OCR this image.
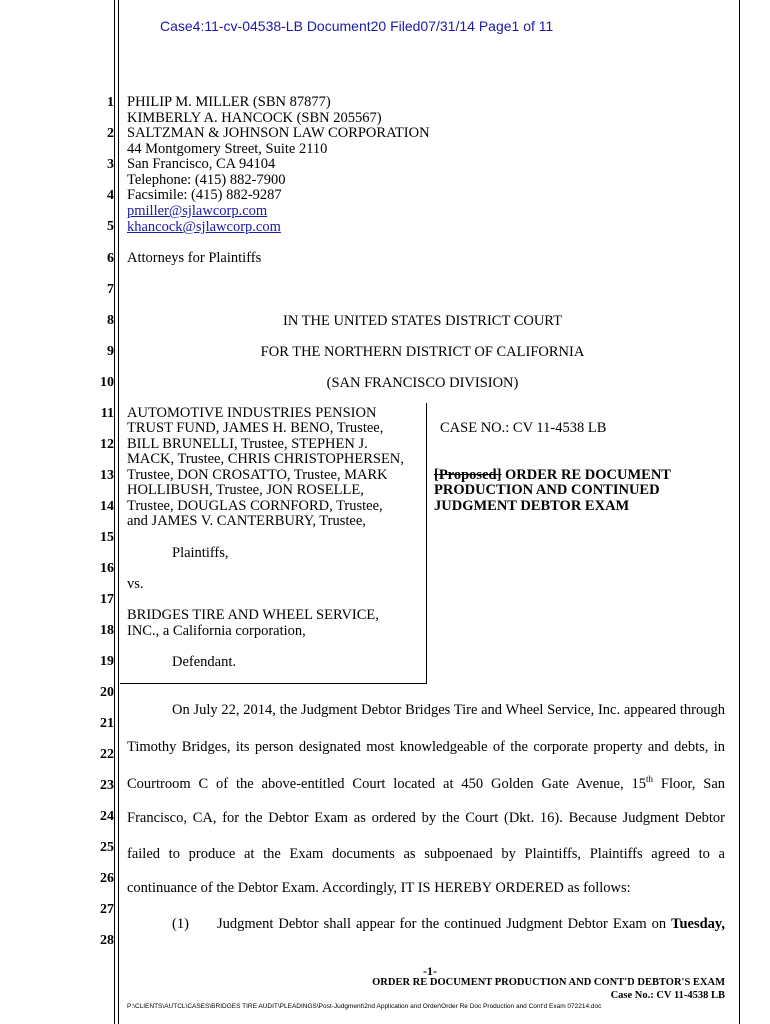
Case4:11-cv-04538-LB Document20 Filed07/31/14 Page1 of 11
1
2
3
4
5
6
7
8
9
10
11
12
13
14
15
16
17
18
19
20
21
22
23
24
25
26
27
28
PHILIP M. MILLER (SBN 87877)
KIMBERLY A. HANCOCK (SBN 205567)
SALTZMAN & JOHNSON LAW CORPORATION
44 Montgomery Street, Suite 2110
San Francisco, CA 94104
Telephone: (415) 882-7900
Facsimile: (415) 882-9287
pmiller@sjlawcorp.com
khancock@sjlawcorp.com
Attorneys for Plaintiffs
IN THE UNITED STATES DISTRICT COURT
FOR THE NORTHERN DISTRICT OF CALIFORNIA
(SAN FRANCISCO DIVISION)
AUTOMOTIVE INDUSTRIES PENSION
TRUST FUND, JAMES H. BENO, Trustee,
BILL BRUNELLI, Trustee, STEPHEN J.
MACK, Trustee, CHRIS CHRISTOPHERSEN,
Trustee, DON CROSATTO, Trustee, MARK
HOLLIBUSH, Trustee, JON ROSELLE,
Trustee, DOUGLAS CORNFORD, Trustee,
and JAMES V. CANTERBURY, Trustee,
Plaintiffs,
vs.
BRIDGES TIRE AND WHEEL SERVICE,
INC., a California corporation,
Defendant.
CASE NO.: CV 11-4538 LB
[Proposed] ORDER RE DOCUMENT
PRODUCTION AND CONTINUED
JUDGMENT DEBTOR EXAM
On July 22, 2014, the Judgment Debtor Bridges Tire and Wheel Service, Inc. appeared through
Timothy Bridges, its person designated most knowledgeable of the corporate property and debts, in
Courtroom C of the above-entitled Court located at 450 Golden Gate Avenue, 15th Floor, San
Francisco, CA, for the Debtor Exam as ordered by the Court (Dkt. 16). Because Judgment Debtor
failed to produce at the Exam documents as subpoenaed by Plaintiffs, Plaintiffs agreed to a
continuance of the Debtor Exam. Accordingly, IT IS HEREBY ORDERED as follows:
(1) Judgment Debtor shall appear for the continued Judgment Debtor Exam on Tuesday,
-1-
ORDER RE DOCUMENT PRODUCTION AND CONT'D DEBTOR'S EXAM
Case No.: CV 11-4538 LB
P:\CLIENTS\AUTCL\CASES\BRIDGES TIRE AUDIT\PLEADINGS\Post-Judgment\2nd Application and Order\Order Re Doc Production and Cont'd Exam 072214.doc
